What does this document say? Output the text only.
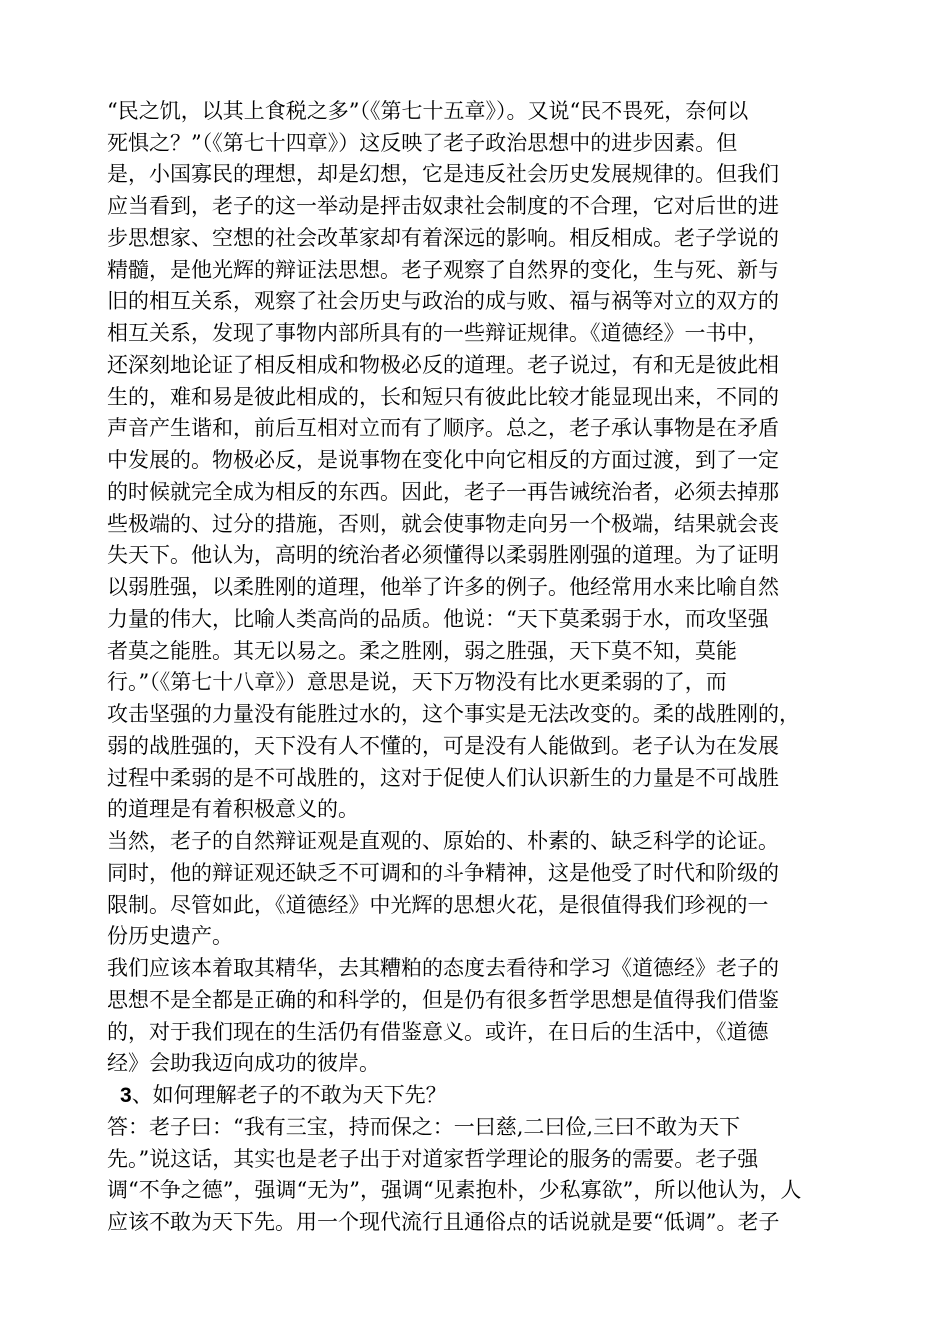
“民之饥，以其上食税之多”（《第七十五章》）。又说“民不畏死，奈何以
死惧之？”（《第七十四章》）这反映了老子政治思想中的进步因素。但
是，小国寡民的理想，却是幻想，它是违反社会历史发展规律的。但我们
应当看到，老子的这一举动是抨击奴隶社会制度的不合理，它对后世的进
步思想家、空想的社会改革家却有着深远的影响。相反相成。老子学说的
精髓，是他光辉的辩证法思想。老子观察了自然界的变化，生与死、新与
旧的相互关系，观察了社会历史与政治的成与败、福与祸等对立的双方的
相互关系，发现了事物内部所具有的一些辩证规律。《道德经》一书中，
还深刻地论证了相反相成和物极必反的道理。老子说过，有和无是彼此相
生的，难和易是彼此相成的，长和短只有彼此比较才能显现出来，不同的
声音产生谐和，前后互相对立而有了顺序。总之，老子承认事物是在矛盾
中发展的。物极必反，是说事物在变化中向它相反的方面过渡，到了一定
的时候就完全成为相反的东西。因此，老子一再告诫统治者，必须去掉那
些极端的、过分的措施，否则，就会使事物走向另一个极端，结果就会丧
失天下。他认为，高明的统治者必须懂得以柔弱胜刚强的道理。为了证明
以弱胜强，以柔胜刚的道理，他举了许多的例子。他经常用水来比喻自然
力量的伟大，比喻人类高尚的品质。他说：“天下莫柔弱于水，而攻坚强
者莫之能胜。其无以易之。柔之胜刚，弱之胜强，天下莫不知，莫能
行。”（《第七十八章》）意思是说，天下万物没有比水更柔弱的了，而
攻击坚强的力量没有能胜过水的，这个事实是无法改变的。柔的战胜刚的，
弱的战胜强的，天下没有人不懂的，可是没有人能做到。老子认为在发展
过程中柔弱的是不可战胜的，这对于促使人们认识新生的力量是不可战胜
的道理是有着积极意义的。
当然，老子的自然辩证观是直观的、原始的、朴素的、缺乏科学的论证。
同时，他的辩证观还缺乏不可调和的斗争精神，这是他受了时代和阶级的
限制。尽管如此，《道德经》中光辉的思想火花，是很值得我们珍视的一
份历史遗产。
我们应该本着取其精华，去其糟粕的态度去看待和学习《道德经》老子的
思想不是全都是正确的和科学的，但是仍有很多哲学思想是值得我们借鉴
的，对于我们现在的生活仍有借鉴意义。或许，在日后的生活中，《道德
经》会助我迈向成功的彼岸。
3、如何理解老子的不敢为天下先？
答：老子曰：“我有三宝，持而保之：一曰慈,二曰俭,三曰不敢为天下
先。”说这话，其实也是老子出于对道家哲学理论的服务的需要。老子强
调“不争之德”，强调“无为”，强调“见素抱朴，少私寡欲”，所以他认为，人
应该不敢为天下先。用一个现代流行且通俗点的话说就是要“低调”。老子
